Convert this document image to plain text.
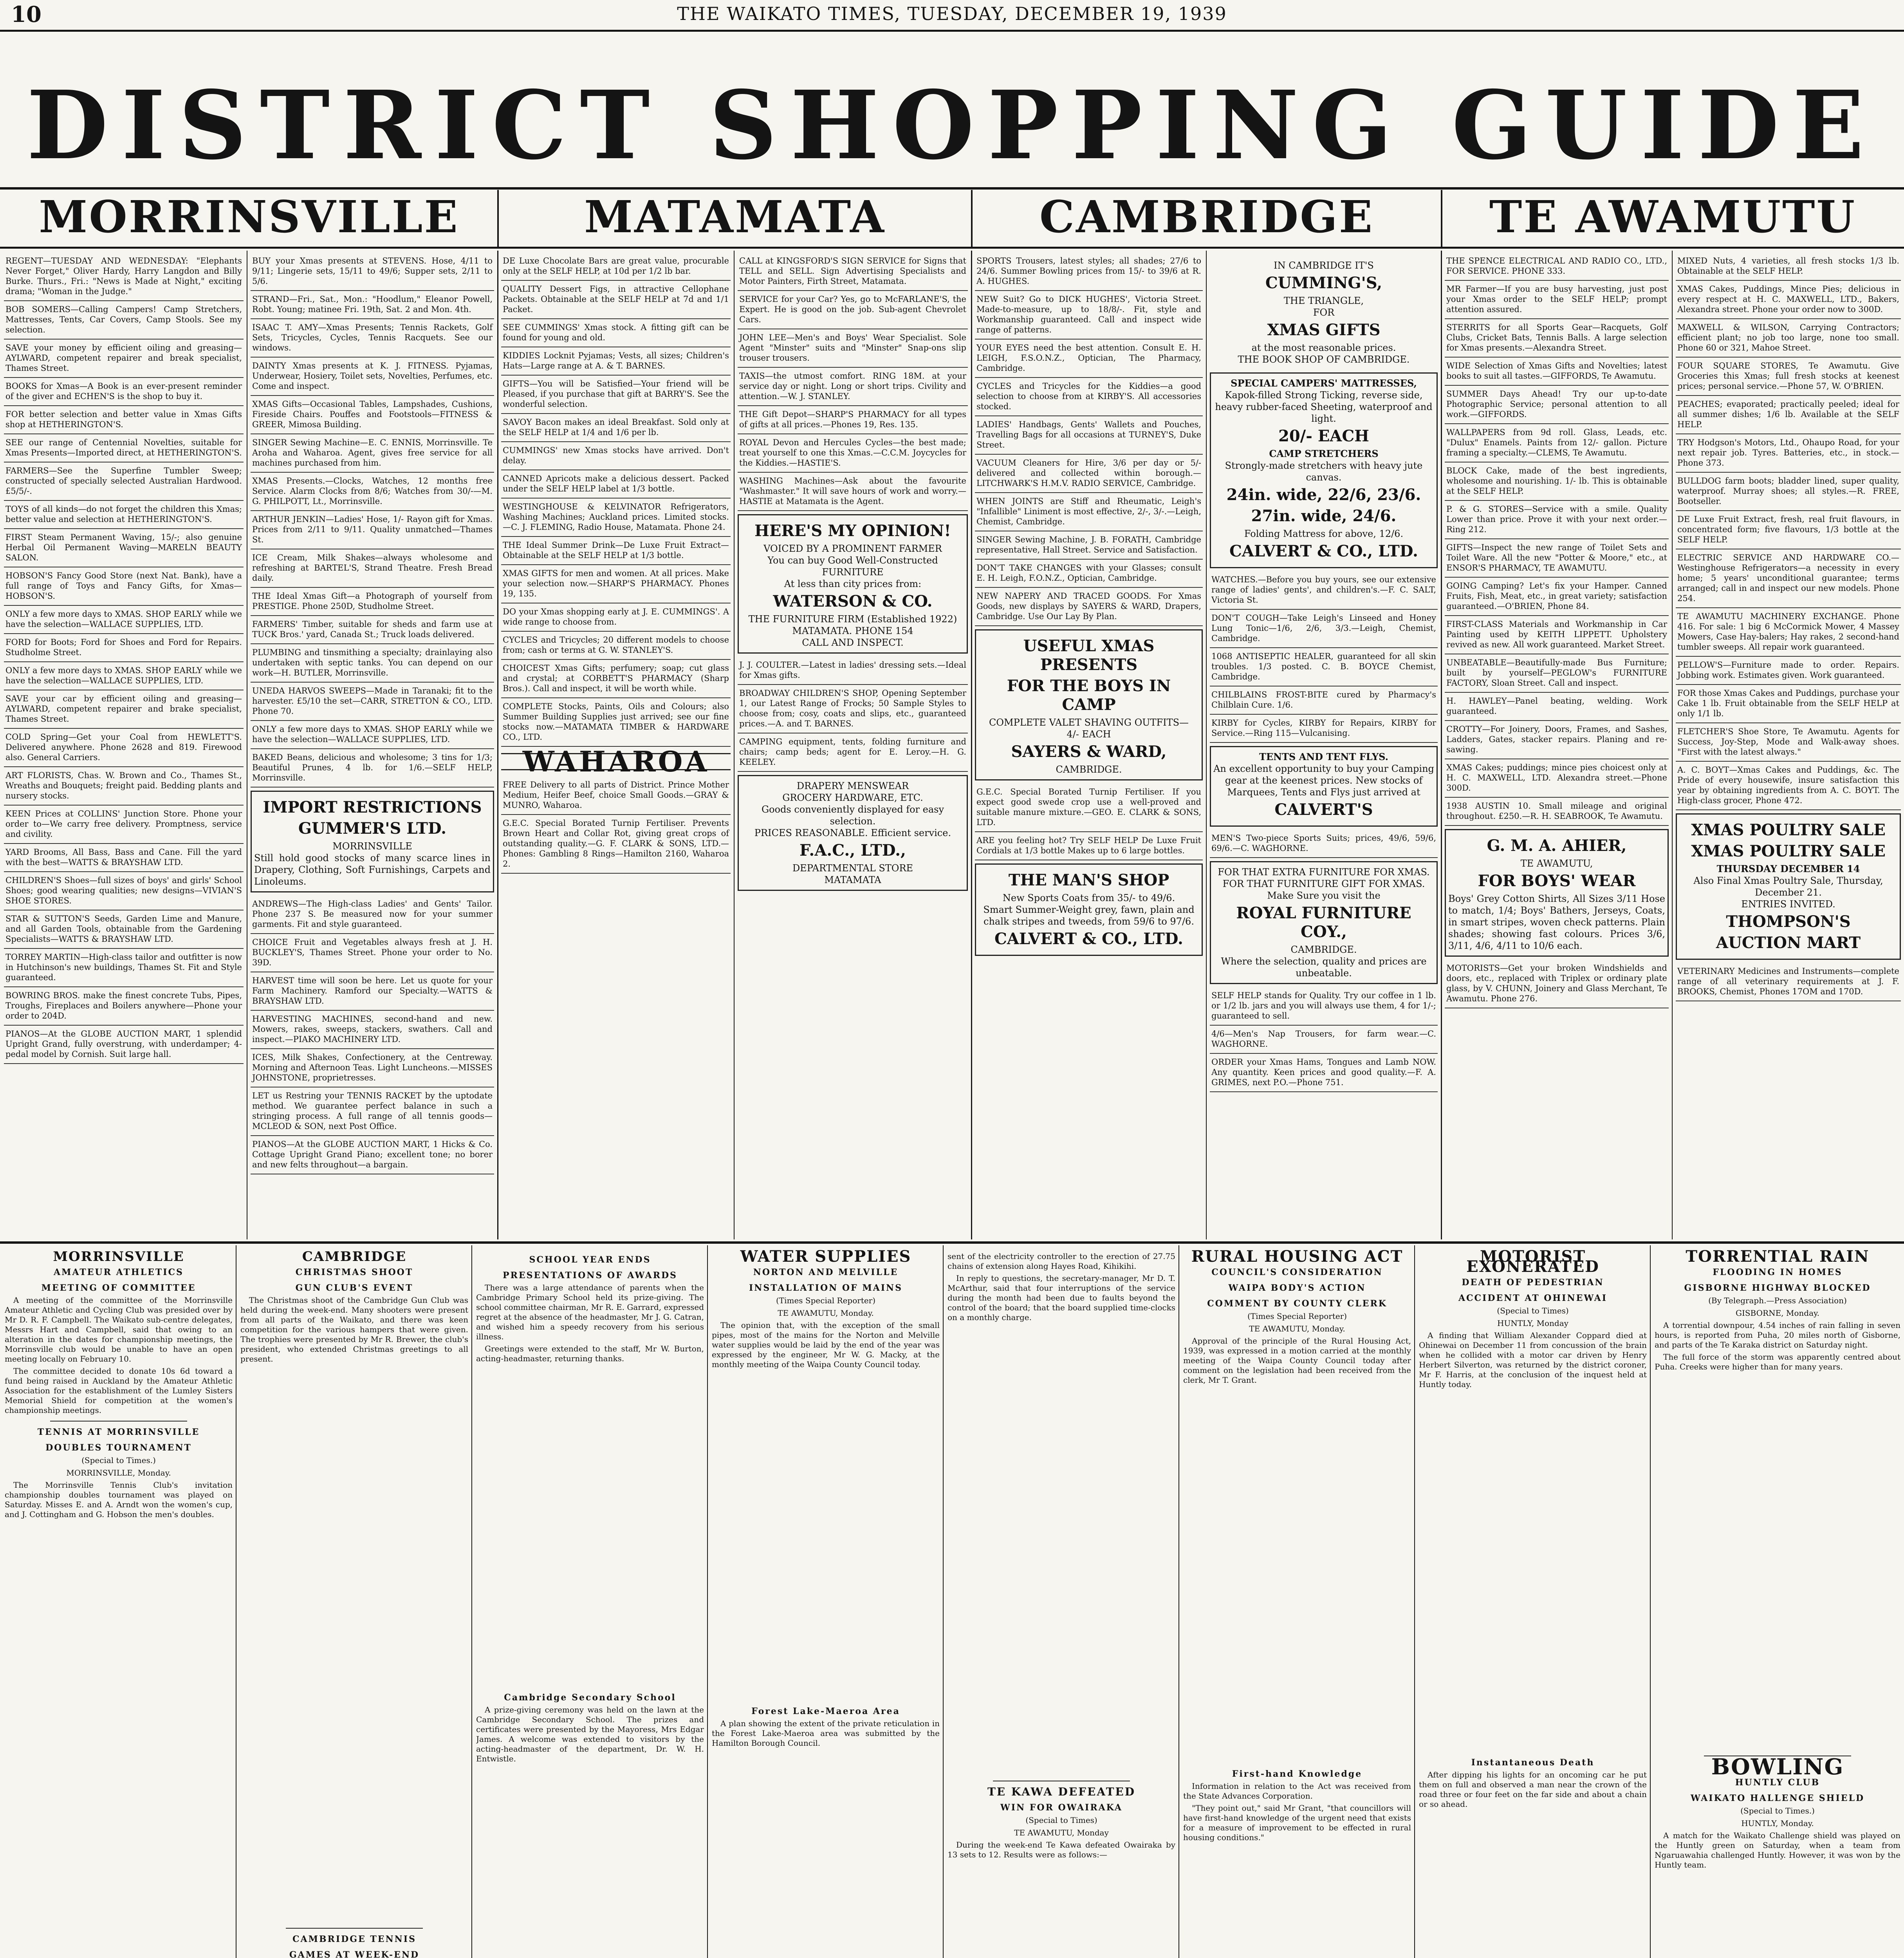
10	THE WAIKATO TIMES, TUESDAY, DECEMBER 19, 1939
DISTRICT SHOPPING GUIDE
MORRINSVILLE	MATAMATA	CAMBRIDGE	TE AWAMUTU

REGENT—TUESDAY AND WEDNESDAY: "Elephants Never Forget," Oliver Hardy, Harry Langdon and Billy Burke. Thurs., Fri.: "News is Made at Night," exciting drama; "Woman in the Judge."

BOB SOMERS—Calling Campers! Camp Stretchers, Mattresses, Tents, Car Covers, Camp Stools. See my selection.

SAVE your money by efficient oiling and greasing—AYLWARD, competent repairer and break specialist, Thames Street.

BOOKS for Xmas—A Book is an ever-present reminder of the giver and ECHEN'S is the shop to buy it.

FOR better selection and better value in Xmas Gifts shop at HETHERINGTON'S.

SEE our range of Centennial Novelties, suitable for Xmas Presents—Imported direct, at HETHERINGTON'S.

FARMERS—See the Superfine Tumbler Sweep; constructed of specially selected Australian Hardwood. £5/5/-.

TOYS of all kinds—do not forget the children this Xmas; better value and selection at HETHERINGTON'S.

FIRST Steam Permanent Waving, 15/-; also genuine Herbal Oil Permanent Waving—MARELN BEAUTY SALON.

HOBSON'S Fancy Good Store (next Nat. Bank), have a full range of Toys and Fancy Gifts, for Xmas—HOBSON'S.

ONLY a few more days to XMAS. SHOP EARLY while we have the selection—WALLACE SUPPLIES, LTD.

FORD for Boots; Ford for Shoes and Ford for Repairs. Studholme Street.

ONLY a few more days to XMAS. SHOP EARLY while we have the selection—WALLACE SUPPLIES, LTD.

SAVE your car by efficient oiling and greasing—AYLWARD, competent repairer and brake specialist, Thames Street.

COLD Spring—Get your Coal from HEWLETT'S. Delivered anywhere. Phone 2628 and 819. Firewood also. General Carriers.

ART FLORISTS, Chas. W. Brown and Co., Thames St., Wreaths and Bouquets; freight paid. Bedding plants and nursery stocks.

KEEN Prices at COLLINS' Junction Store. Phone your order to—We carry free delivery. Promptness, service and civility.

YARD Brooms, All Bass, Bass and Cane. Fill the yard with the best—WATTS & BRAYSHAW LTD.

CHILDREN'S Shoes—full sizes of boys' and girls' School Shoes; good wearing qualities; new designs—VIVIAN'S SHOE STORES.

STAR & SUTTON'S Seeds, Garden Lime and Manure, and all Garden Tools, obtainable from the Gardening Specialists—WATTS & BRAYSHAW LTD.

TORREY MARTIN—High-class tailor and outfitter is now in Hutchinson's new buildings, Thames St. Fit and Style guaranteed.

BOWRING BROS. make the finest concrete Tubs, Pipes, Troughs, Fireplaces and Boilers anywhere—Phone your order to 204D.

PIANOS—At the GLOBE AUCTION MART, 1 splendid Upright Grand, fully overstrung, with underdamper; 4-pedal model by Cornish. Suit large hall.

BUY your Xmas presents at STEVENS. Hose, 4/11 to 9/11; Lingerie sets, 15/11 to 49/6; Supper sets, 2/11 to 5/6.

STRAND—Fri., Sat., Mon.: "Hoodlum," Eleanor Powell, Robt. Young; matinee Fri. 19th, Sat. 2 and Mon. 4th.

ISAAC T. AMY—Xmas Presents; Tennis Rackets, Golf Sets, Tricycles, Cycles, Tennis Racquets. See our windows.

DAINTY Xmas presents at K. J. FITNESS. Pyjamas, Underwear, Hosiery, Toilet sets, Novelties, Perfumes, etc. Come and inspect.

XMAS Gifts—Occasional Tables, Lampshades, Cushions, Fireside Chairs. Pouffes and Footstools—FITNESS & GREER, Mimosa Building.

SINGER Sewing Machine—E. C. ENNIS, Morrinsville. Te Aroha and Waharoa. Agent, gives free service for all machines purchased from him.

XMAS Presents.—Clocks, Watches, 12 months free Service. Alarm Clocks from 8/6; Watches from 30/-—M. G. PHILPOTT, Lt., Morrinsville.

ARTHUR JENKIN—Ladies' Hose, 1/- Rayon gift for Xmas. Prices from 2/11 to 9/11. Quality unmatched—Thames St.

ICE Cream, Milk Shakes—always wholesome and refreshing at BARTEL'S, Strand Theatre. Fresh Bread daily.

THE Ideal Xmas Gift—a Photograph of yourself from PRESTIGE. Phone 250D, Studholme Street.

FARMERS' Timber, suitable for sheds and farm use at TUCK Bros.' yard, Canada St.; Truck loads delivered.

PLUMBING and tinsmithing a specialty; drainlaying also undertaken with septic tanks. You can depend on our work—H. BUTLER, Morrinsville.

UNEDA HARVOS SWEEPS—Made in Taranaki; fit to the harvester. £5/10 the set—CARR, STRETTON & CO., LTD. Phone 70.

ONLY a few more days to XMAS. SHOP EARLY while we have the selection—WALLACE SUPPLIES, LTD.

BAKED Beans, delicious and wholesome; 3 tins for 1/3; Beautiful Prunes, 4 lb. for 1/6.—SELF HELP, Morrinsville.

IMPORT RESTRICTIONS
GUMMER'S LTD.
MORRINSVILLE
Still hold good stocks of many scarce lines in Drapery, Clothing, Soft Furnishings, Carpets and Linoleums.

ANDREWS—The High-class Ladies' and Gents' Tailor. Phone 237 S. Be measured now for your summer garments. Fit and style guaranteed.

CHOICE Fruit and Vegetables always fresh at J. H. BUCKLEY'S, Thames Street. Phone your order to No. 39D.

HARVEST time will soon be here. Let us quote for your Farm Machinery. Ramford our Specialty.—WATTS & BRAYSHAW LTD.

HARVESTING MACHINES, second-hand and new. Mowers, rakes, sweeps, stackers, swathers. Call and inspect.—PIAKO MACHINERY LTD.

ICES, Milk Shakes, Confectionery, at the Centreway. Morning and Afternoon Teas. Light Luncheons.—MISSES JOHNSTONE, proprietresses.

LET us Restring your TENNIS RACKET by the uptodate method. We guarantee perfect balance in such a stringing process. A full range of all tennis goods—MCLEOD & SON, next Post Office.

PIANOS—At the GLOBE AUCTION MART, 1 Hicks & Co. Cottage Upright Grand Piano; excellent tone; no borer and new felts throughout—a bargain.

DE Luxe Chocolate Bars are great value, procurable only at the SELF HELP, at 10d per 1/2 lb bar.

QUALITY Dessert Figs, in attractive Cellophane Packets. Obtainable at the SELF HELP at 7d and 1/1 Packet.

SEE CUMMINGS' Xmas stock. A fitting gift can be found for young and old.

KIDDIES Locknit Pyjamas; Vests, all sizes; Children's Hats—Large range at A. & T. BARNES.

GIFTS—You will be Satisfied—Your friend will be Pleased, if you purchase that gift at BARRY'S. See the wonderful selection.

SAVOY Bacon makes an ideal Breakfast. Sold only at the SELF HELP at 1/4 and 1/6 per lb.

CUMMINGS' new Xmas stocks have arrived. Don't delay.

CANNED Apricots make a delicious dessert. Packed under the SELF HELP label at 1/3 bottle.

WESTINGHOUSE & KELVINATOR Refrigerators, Washing Machines; Auckland prices. Limited stocks.—C. J. FLEMING, Radio House, Matamata. Phone 24.

THE Ideal Summer Drink—De Luxe Fruit Extract—Obtainable at the SELF HELP at 1/3 bottle.

XMAS GIFTS for men and women. At all prices. Make your selection now.—SHARP'S PHARMACY. Phones 19, 135.

DO your Xmas shopping early at J. E. CUMMINGS'. A wide range to choose from.

CYCLES and Tricycles; 20 different models to choose from; cash or terms at G. W. STANLEY'S.

CHOICEST Xmas Gifts; perfumery; soap; cut glass and crystal; at CORBETT'S PHARMACY (Sharp Bros.). Call and inspect, it will be worth while.

COMPLETE Stocks, Paints, Oils and Colours; also Summer Building Supplies just arrived; see our fine stocks now.—MATAMATA TIMBER & HARDWARE CO., LTD.

WAHAROA

FREE Delivery to all parts of District. Prince Mother Medium, Heifer Beef, choice Small Goods.—GRAY & MUNRO, Waharoa.

G.E.C. Special Borated Turnip Fertiliser. Prevents Brown Heart and Collar Rot, giving great crops of outstanding quality.—G. F. CLARK & SONS, LTD.—Phones: Gambling 8 Rings—Hamilton 2160, Waharoa 2.

CALL at KINGSFORD'S SIGN SERVICE for Signs that TELL and SELL. Sign Advertising Specialists and Motor Painters, Firth Street, Matamata.

SERVICE for your Car? Yes, go to McFARLANE'S, the Expert. He is good on the job. Sub-agent Chevrolet Cars.

JOHN LEE—Men's and Boys' Wear Specialist. Sole Agent "Minster" suits and "Minster" Snap-ons slip trouser trousers.

TAXIS—the utmost comfort. RING 18M. at your service day or night. Long or short trips. Civility and attention.—W. J. STANLEY.

THE Gift Depot—SHARP'S PHARMACY for all types of gifts at all prices.—Phones 19, Res. 135.

ROYAL Devon and Hercules Cycles—the best made; treat yourself to one this Xmas.—C.C.M. Joycycles for the Kiddies.—HASTIE'S.

WASHING Machines—Ask about the favourite "Washmaster." It will save hours of work and worry.—HASTIE at Matamata is the Agent.

HERE'S MY OPINION!
VOICED BY A PROMINENT FARMER
You can buy Good Well-Constructed FURNITURE
At less than city prices from:
WATERSON & CO.
THE FURNITURE FIRM (Established 1922)
MATAMATA. PHONE 154
CALL AND INSPECT.

J. J. COULTER.—Latest in ladies' dressing sets.—Ideal for Xmas gifts.

BROADWAY CHILDREN'S SHOP, Opening September 1, our Latest Range of Frocks; 50 Sample Styles to choose from; cosy, coats and slips, etc., guaranteed prices.—A. and T. BARNES.

CAMPING equipment, tents, folding furniture and chairs; camp beds; agent for E. Leroy.—H. G. KEELEY.

DRAPERY MENSWEAR
GROCERY HARDWARE, ETC.
Goods conveniently displayed for easy selection.
PRICES REASONABLE. Efficient service.
F.A.C., LTD.,
DEPARTMENTAL STORE
MATAMATA

SPORTS Trousers, latest styles; all shades; 27/6 to 24/6. Summer Bowling prices from 15/- to 39/6 at R. A. HUGHES.

NEW Suit? Go to DICK HUGHES', Victoria Street. Made-to-measure, up to 18/8/-. Fit, style and Workmanship guaranteed. Call and inspect wide range of patterns.

YOUR EYES need the best attention. Consult E. H. LEIGH, F.S.O.N.Z., Optician, The Pharmacy, Cambridge.

CYCLES and Tricycles for the Kiddies—a good selection to choose from at KIRBY'S. All accessories stocked.

LADIES' Handbags, Gents' Wallets and Pouches, Travelling Bags for all occasions at TURNEY'S, Duke Street.

VACUUM Cleaners for Hire, 3/6 per day or 5/- delivered and collected within borough.—LITCHWARK'S H.M.V. RADIO SERVICE, Cambridge.

WHEN JOINTS are Stiff and Rheumatic, Leigh's "Infallible" Liniment is most effective, 2/-, 3/-.—Leigh, Chemist, Cambridge.

SINGER Sewing Machine, J. B. FORATH, Cambridge representative, Hall Street. Service and Satisfaction.

DON'T TAKE CHANGES with your Glasses; consult E. H. Leigh, F.O.N.Z., Optician, Cambridge.

NEW NAPERY AND TRACED GOODS. For Xmas Goods, new displays by SAYERS & WARD, Drapers, Cambridge. Use Our Lay By Plan.

USEFUL XMAS PRESENTS
FOR THE BOYS IN CAMP
COMPLETE VALET SHAVING OUTFITS—
4/- EACH
SAYERS & WARD,
CAMBRIDGE.

G.E.C. Special Borated Turnip Fertiliser. If you expect good swede crop use a well-proved and suitable manure mixture.—GEO. E. CLARK & SONS, LTD.

ARE you feeling hot? Try SELF HELP De Luxe Fruit Cordials at 1/3 bottle Makes up to 6 large bottles.

THE MAN'S SHOP
New Sports Coats from 35/- to 49/6.
Smart Summer-Weight grey, fawn, plain and chalk stripes and tweeds, from 59/6 to 97/6.
CALVERT & CO., LTD.
IN CAMBRIDGE IT'S
CUMMING'S,
THE TRIANGLE,
FOR
XMAS GIFTS
at the most reasonable prices.
THE BOOK SHOP OF CAMBRIDGE.
SPECIAL CAMPERS' MATTRESSES,
Kapok-filled Strong Ticking, reverse side, heavy rubber-faced Sheeting, waterproof and light.
20/- EACH
CAMP STRETCHERS
Strongly-made stretchers with heavy jute canvas.
24in. wide, 22/6, 23/6.
27in. wide, 24/6.
Folding Mattress for above, 12/6.
CALVERT & CO., LTD.

WATCHES.—Before you buy yours, see our extensive range of ladies' gents', and children's.—F. C. SALT, Victoria St.

DON'T COUGH—Take Leigh's Linseed and Honey Lung Tonic—1/6, 2/6, 3/3.—Leigh, Chemist, Cambridge.

1068 ANTISEPTIC HEALER, guaranteed for all skin troubles. 1/3 posted. C. B. BOYCE Chemist, Cambridge.

CHILBLAINS FROST-BITE cured by Pharmacy's Chilblain Cure. 1/6.

KIRBY for Cycles, KIRBY for Repairs, KIRBY for Service.—Ring 115—Vulcanising.

TENTS AND TENT FLYS.
An excellent opportunity to buy your Camping gear at the keenest prices. New stocks of Marquees, Tents and Flys just arrived at
CALVERT'S

MEN'S Two-piece Sports Suits; prices, 49/6, 59/6, 69/6.—C. WAGHORNE.

FOR THAT EXTRA FURNITURE FOR XMAS.
FOR THAT FURNITURE GIFT FOR XMAS.
Make Sure you visit the
ROYAL FURNITURE COY.,
CAMBRIDGE.
Where the selection, quality and prices are unbeatable.

SELF HELP stands for Quality. Try our coffee in 1 lb. or 1/2 lb. jars and you will always use them, 4 for 1/-; guaranteed to sell.

4/6—Men's Nap Trousers, for farm wear.—C. WAGHORNE.

ORDER your Xmas Hams, Tongues and Lamb NOW. Any quantity. Keen prices and good quality.—F. A. GRIMES, next P.O.—Phone 751.

THE SPENCE ELECTRICAL AND RADIO CO., LTD., FOR SERVICE. PHONE 333.

MR Farmer—If you are busy harvesting, just post your Xmas order to the SELF HELP; prompt attention assured.

STERRITS for all Sports Gear—Racquets, Golf Clubs, Cricket Bats, Tennis Balls. A large selection for Xmas presents.—Alexandra Street.

WIDE Selection of Xmas Gifts and Novelties; latest books to suit all tastes.—GIFFORDS, Te Awamutu.

SUMMER Days Ahead! Try our up-to-date Photographic Service; personal attention to all work.—GIFFORDS.

WALLPAPERS from 9d roll. Glass, Leads, etc. "Dulux" Enamels. Paints from 12/- gallon. Picture framing a specialty.—CLEMS, Te Awamutu.

BLOCK Cake, made of the best ingredients, wholesome and nourishing. 1/- lb. This is obtainable at the SELF HELP.

P. & G. STORES—Service with a smile. Quality Lower than price. Prove it with your next order.—Ring 212.

GIFTS—Inspect the new range of Toilet Sets and Toilet Ware. All the new "Potter & Moore," etc., at ENSOR'S PHARMACY, TE AWAMUTU.

GOING Camping? Let's fix your Hamper. Canned Fruits, Fish, Meat, etc., in great variety; satisfaction guaranteed.—O'BRIEN, Phone 84.

FIRST-CLASS Materials and Workmanship in Car Painting used by KEITH LIPPETT. Upholstery revived as new. All work guaranteed. Market Street.

UNBEATABLE—Beautifully-made Bus Furniture; built by yourself—PEGLOW's FURNITURE FACTORY, Sloan Street. Call and inspect.

H. HAWLEY—Panel beating, welding. Work guaranteed.

CROTTY—For Joinery, Doors, Frames, and Sashes, Ladders, Gates, stacker repairs. Planing and re-sawing.

XMAS Cakes; puddings; mince pies choicest only at H. C. MAXWELL, LTD. Alexandra street.—Phone 300D.

1938 AUSTIN 10. Small mileage and original throughout. £250.—R. H. SEABROOK, Te Awamutu.

G. M. A. AHIER,
TE AWAMUTU,
FOR BOYS' WEAR
Boys' Grey Cotton Shirts, All Sizes 3/11 Hose to match, 1/4; Boys' Bathers, Jerseys, Coats, in smart stripes, woven check patterns. Plain shades; showing fast colours. Prices 3/6, 3/11, 4/6, 4/11 to 10/6 each.

MOTORISTS—Get your broken Windshields and doors, etc., replaced with Triplex or ordinary plate glass, by V. CHUNN, Joinery and Glass Merchant, Te Awamutu. Phone 276.

MIXED Nuts, 4 varieties, all fresh stocks 1/3 lb. Obtainable at the SELF HELP.

XMAS Cakes, Puddings, Mince Pies; delicious in every respect at H. C. MAXWELL, LTD., Bakers, Alexandra street. Phone your order now to 300D.

MAXWELL & WILSON, Carrying Contractors; efficient plant; no job too large, none too small. Phone 60 or 321, Mahoe Street.

FOUR SQUARE STORES, Te Awamutu. Give Groceries this Xmas; full fresh stocks at keenest prices; personal service.—Phone 57, W. O'BRIEN.

PEACHES; evaporated; practically peeled; ideal for all summer dishes; 1/6 lb. Available at the SELF HELP.

TRY Hodgson's Motors, Ltd., Ohaupo Road, for your next repair job. Tyres. Batteries, etc., in stock.—Phone 373.

BULLDOG farm boots; bladder lined, super quality, waterproof. Murray shoes; all styles.—R. FREE, Bootseller.

DE Luxe Fruit Extract, fresh, real fruit flavours, in concentrated form; five flavours, 1/3 bottle at the SELF HELP.

ELECTRIC SERVICE AND HARDWARE CO.—Westinghouse Refrigerators—a necessity in every home; 5 years' unconditional guarantee; terms arranged; call in and inspect our new models. Phone 254.

TE AWAMUTU MACHINERY EXCHANGE. Phone 416. For sale: 1 big 6 McCormick Mower, 4 Massey Mowers, Case Hay-balers; Hay rakes, 2 second-hand tumbler sweeps. All repair work guaranteed.

PELLOW'S—Furniture made to order. Repairs. Jobbing work. Estimates given. Work guaranteed.

FOR those Xmas Cakes and Puddings, purchase your Cake 1 lb. Fruit obtainable from the SELF HELP at only 1/1 lb.

FLETCHER'S Shoe Store, Te Awamutu. Agents for Success, Joy-Step, Mode and Walk-away shoes. "First with the latest always."

A. C. BOYT—Xmas Cakes and Puddings, &c. The Pride of every housewife, insure satisfaction this year by obtaining ingredients from A. C. BOYT. The High-class grocer, Phone 472.

XMAS POULTRY SALE
XMAS POULTRY SALE
THURSDAY DECEMBER 14
Also Final Xmas Poultry Sale, Thursday, December 21.
ENTRIES INVITED.
THOMPSON'S
AUCTION MART

VETERINARY Medicines and Instruments—complete range of all veterinary requirements at J. F. BROOKS, Chemist, Phones 17OM and 170D.

MORRINSVILLE
AMATEUR ATHLETICS
MEETING OF COMMITTEE

A meeting of the committee of the Morrinsville Amateur Athletic and Cycling Club was presided over by Mr D. R. F. Campbell. The Waikato sub-centre delegates, Messrs Hart and Campbell, said that owing to an alteration in the dates for championship meetings, the Morrinsville club would be unable to have an open meeting locally on February 10.

The committee decided to donate 10s 6d toward a fund being raised in Auckland by the Amateur Athletic Association for the establishment of the Lumley Sisters Memorial Shield for competition at the women's championship meetings.

TENNIS AT MORRINSVILLE
DOUBLES TOURNAMENT
(Special to Times.)
MORRINSVILLE, Monday.

The Morrinsville Tennis Club's invitation championship doubles tournament was played on Saturday. Misses E. and A. Arndt won the women's cup, and J. Cottingham and G. Hobson the men's doubles.

CAMBRIDGE
CHRISTMAS SHOOT
GUN CLUB'S EVENT

The Christmas shoot of the Cambridge Gun Club was held during the week-end. Many shooters were present from all parts of the Waikato, and there was keen competition for the various hampers that were given. The trophies were presented by Mr R. Brewer, the club's president, who extended Christmas greetings to all present.

CAMBRIDGE TENNIS
GAMES AT WEEK-END

SCHOOL YEAR ENDS
PRESENTATIONS OF AWARDS

There was a large attendance of parents when the Cambridge Primary School held its prize-giving. The school committee chairman, Mr R. E. Garrard, expressed regret at the absence of the headmaster, Mr J. G. Catran, and wished him a speedy recovery from his serious illness.

Greetings were extended to the staff, Mr W. Burton, acting-headmaster, returning thanks.

Cambridge Secondary School

A prize-giving ceremony was held on the lawn at the Cambridge Secondary School. The prizes and certificates were presented by the Mayoress, Mrs Edgar James. A welcome was extended to visitors by the acting-headmaster of the department, Dr. W. H. Entwistle.

WATER SUPPLIES
NORTON AND MELVILLE
INSTALLATION OF MAINS
(Times Special Reporter)
TE AWAMUTU, Monday.

The opinion that, with the exception of the small pipes, most of the mains for the Norton and Melville water supplies would be laid by the end of the year was expressed by the engineer, Mr W. G. Macky, at the monthly meeting of the Waipa County Council today.

Forest Lake-Maeroa Area

A plan showing the extent of the private reticulation in the Forest Lake-Maeroa area was submitted by the Hamilton Borough Council.

sent of the electricity controller to the erection of 27.75 chains of extension along Hayes Road, Kihikihi.

In reply to questions, the secretary-manager, Mr D. T. McArthur, said that four interruptions of the service during the month had been due to faults beyond the control of the board; that the board supplied time-clocks on a monthly charge.

TE KAWA DEFEATED
WIN FOR OWAIRAKA
(Special to Times)
TE AWAMUTU, Monday

During the week-end Te Kawa defeated Owairaka by 13 sets to 12. Results were as follows:—

RURAL HOUSING ACT
COUNCIL'S CONSIDERATION
WAIPA BODY'S ACTION
COMMENT BY COUNTY CLERK
(Times Special Reporter)
TE AWAMUTU, Monday.

Approval of the principle of the Rural Housing Act, 1939, was expressed in a motion carried at the monthly meeting of the Waipa County Council today after comment on the legislation had been received from the clerk, Mr T. Grant.

First-hand Knowledge

Information in relation to the Act was received from the State Advances Corporation.

"They point out," said Mr Grant, "that councillors will have first-hand knowledge of the urgent need that exists for a measure of improvement to be effected in rural housing conditions."

MOTORIST EXONERATED
DEATH OF PEDESTRIAN
ACCIDENT AT OHINEWAI
(Special to Times)
HUNTLY, Monday

A finding that William Alexander Coppard died at Ohinewai on December 11 from concussion of the brain when he collided with a motor car driven by Henry Herbert Silverton, was returned by the district coroner, Mr F. Harris, at the conclusion of the inquest held at Huntly today.

Instantaneous Death

After dipping his lights for an oncoming car he put them on full and observed a man near the crown of the road three or four feet on the far side and about a chain or so ahead.

TORRENTIAL RAIN
FLOODING IN HOMES
GISBORNE HIGHWAY BLOCKED
(By Telegraph.—Press Association)
GISBORNE, Monday.

A torrential downpour, 4.54 inches of rain falling in seven hours, is reported from Puha, 20 miles north of Gisborne, and parts of the Te Karaka district on Saturday night.

The full force of the storm was apparently centred about Puha. Creeks were higher than for many years.

BOWLING
HUNTLY CLUB
WAIKATO HALLENGE SHIELD
(Special to Times.)
HUNTLY, Monday.

A match for the Waikato Challenge shield was played on the Huntly green on Saturday, when a team from Ngaruawahia challenged Huntly. However, it was won by the Huntly team.
